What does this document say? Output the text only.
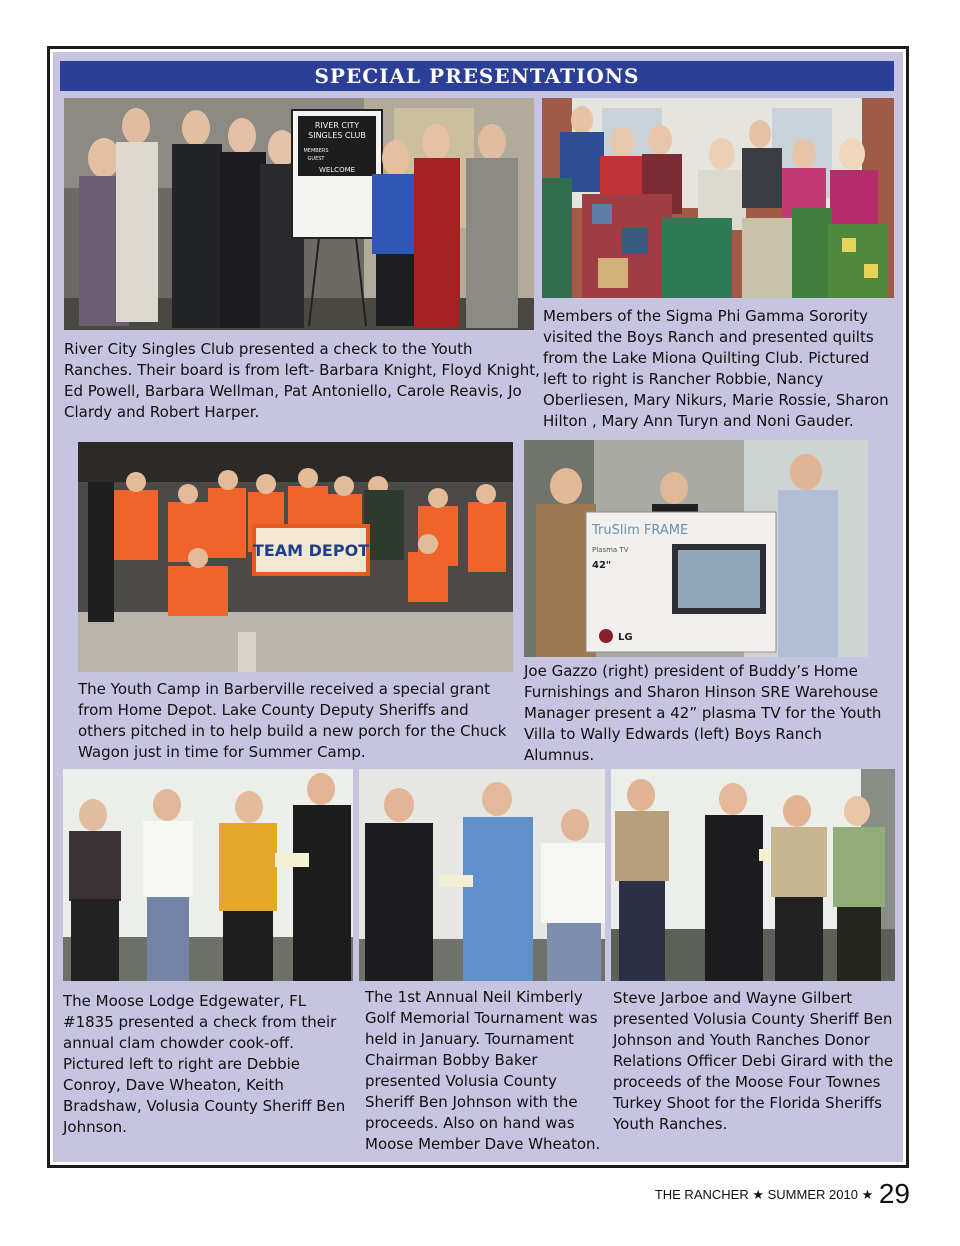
SPECIAL PRESENTATIONS
RIVER CITY
SINGLES CLUB
MEMBERS
GUEST
WELCOME
River City Singles Club presented a check to the Youth Ranches. Their board is from left- Barbara Knight, Floyd Knight, Ed Powell, Barbara Wellman, Pat Antoniello, Carole Reavis, Jo Clardy and Robert Harper.
Members of the Sigma Phi Gamma Sorority visited the Boys Ranch and presented quilts from the Lake Miona Quilting Club. Pictured left to right is Rancher Robbie, Nancy Oberliesen, Mary Nikurs, Marie Rossie, Sharon Hilton , Mary Ann Turyn and Noni Gauder.
TEAM DEPOT
TruSlim FRAME
Plasma TV
42"
LG
The Youth Camp in Barberville received a special grant from Home Depot. Lake County Deputy Sheriffs and others pitched in to help build a new porch for the Chuck Wagon just in time for Summer Camp.
Joe Gazzo (right) president of Buddy’s Home Furnishings and Sharon Hinson SRE Warehouse Manager present a 42” plasma TV for the Youth Villa to Wally Edwards (left) Boys Ranch Alumnus.
The Moose Lodge Edgewater, FL #1835 presented a check from their annual clam chowder cook-off. Pictured left to right are Debbie Conroy, Dave Wheaton, Keith Bradshaw, Volusia County Sheriff Ben Johnson.
The 1st Annual Neil Kimberly Golf Memorial Tournament was held in January. Tournament Chairman Bobby Baker presented Volusia County Sheriff Ben Johnson with the proceeds. Also on hand was Moose Member Dave Wheaton.
Steve Jarboe and Wayne Gilbert presented Volusia County Sheriff Ben Johnson and Youth Ranches Donor Relations Officer Debi Girard with the proceeds of the Moose Four Townes Turkey Shoot for the Florida Sheriffs Youth Ranches.
THE RANCHER ★ SUMMER 2010 ★ 29
